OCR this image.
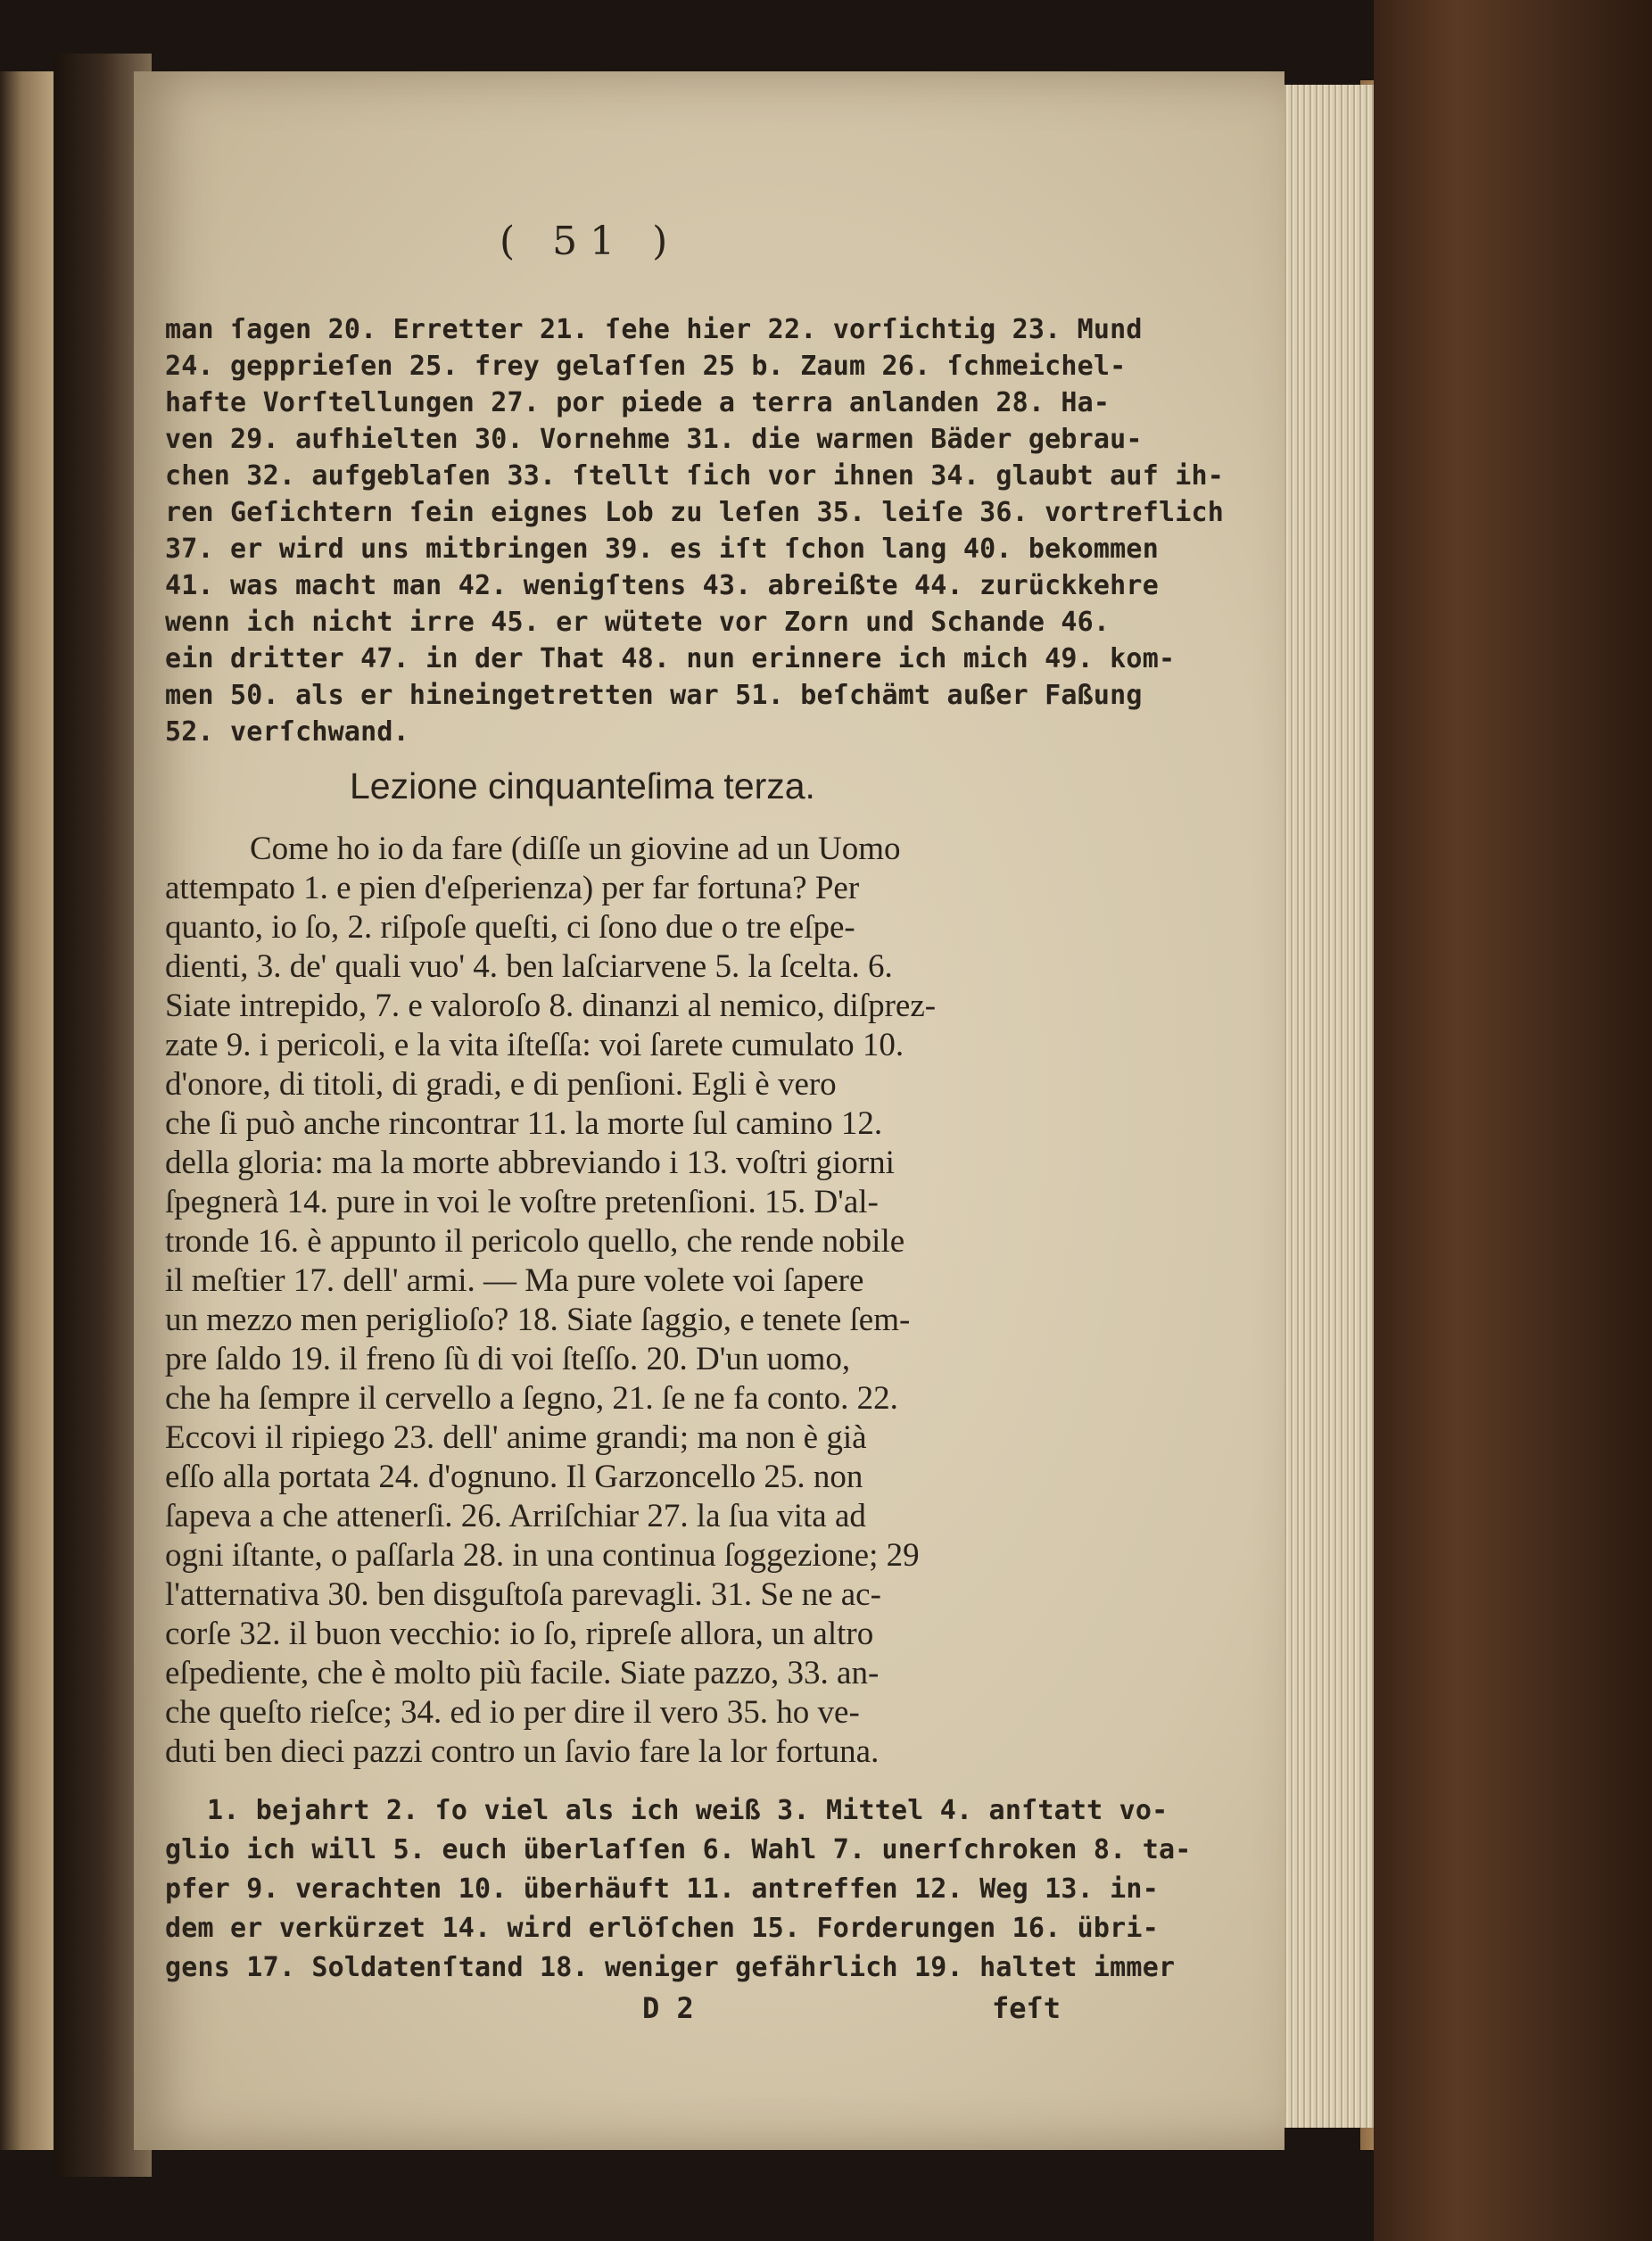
( 51 )
man ſagen 20. Erretter 21. ſehe hier 22. vorſichtig 23. Mund
24. gepprieſen 25. frey gelaſſen 25 b. Zaum 26. ſchmeichel-
hafte Vorſtellungen 27. por piede a terra anlanden 28. Ha-
ven 29. aufhielten 30. Vornehme 31. die warmen Bäder gebrau-
chen 32. aufgeblaſen 33. ſtellt ſich vor ihnen 34. glaubt auf ih-
ren Geſichtern ſein eignes Lob zu leſen 35. leiſe 36. vortreflich
37. er wird uns mitbringen 39. es iſt ſchon lang 40. bekommen
41. was macht man 42. wenigſtens 43. abreißte 44. zurückkehre
wenn ich nicht irre 45. er wütete vor Zorn und Schande 46.
ein dritter 47. in der That 48. nun erinnere ich mich 49. kom-
men 50. als er hineingetretten war 51. beſchämt außer Faßung
52. verſchwand.
Lezione cinquanteſima terza.
Come ho io da fare (diſſe un giovine ad un Uomo
attempato 1. e pien d'eſperienza) per far fortuna? Per
quanto, io ſo, 2. riſpoſe queſti, ci ſono due o tre eſpe-
dienti, 3. de' quali vuo' 4. ben laſciarvene 5. la ſcelta. 6.
Siate intrepido, 7. e valoroſo 8. dinanzi al nemico, diſprez-
zate 9. i pericoli, e la vita iſteſſa: voi ſarete cumulato 10.
d'onore, di titoli, di gradi, e di penſioni. Egli è vero
che ſi può anche rincontrar 11. la morte ſul camino 12.
della gloria: ma la morte abbreviando i 13. voſtri giorni
ſpegnerà 14. pure in voi le voſtre pretenſioni. 15. D'al-
tronde 16. è appunto il pericolo quello, che rende nobile
il meſtier 17. dell' armi. — Ma pure volete voi ſapere
un mezzo men periglioſo? 18. Siate ſaggio, e tenete ſem-
pre ſaldo 19. il freno ſù di voi ſteſſo. 20. D'un uomo,
che ha ſempre il cervello a ſegno, 21. ſe ne fa conto. 22.
Eccovi il ripiego 23. dell' anime grandi; ma non è già
eſſo alla portata 24. d'ognuno. Il Garzoncello 25. non
ſapeva a che attenerſi. 26. Arriſchiar 27. la ſua vita ad
ogni iſtante, o paſſarla 28. in una continua ſoggezione; 29
l'atternativa 30. ben disguſtoſa parevagli. 31. Se ne ac-
corſe 32. il buon vecchio: io ſo, ripreſe allora, un altro
eſpediente, che è molto più facile. Siate pazzo, 33. an-
che queſto rieſce; 34. ed io per dire il vero 35. ho ve-
duti ben dieci pazzi contro un ſavio fare la lor fortuna.
1. bejahrt 2. ſo viel als ich weiß 3. Mittel 4. anſtatt vo-
glio ich will 5. euch überlaſſen 6. Wahl 7. unerſchroken 8. ta-
pfer 9. verachten 10. überhäuft 11. antreffen 12. Weg 13. in-
dem er verkürzet 14. wird erlöſchen 15. Forderungen 16. übri-
gens 17. Soldatenſtand 18. weniger gefährlich 19. haltet immer
D 2	feſt
